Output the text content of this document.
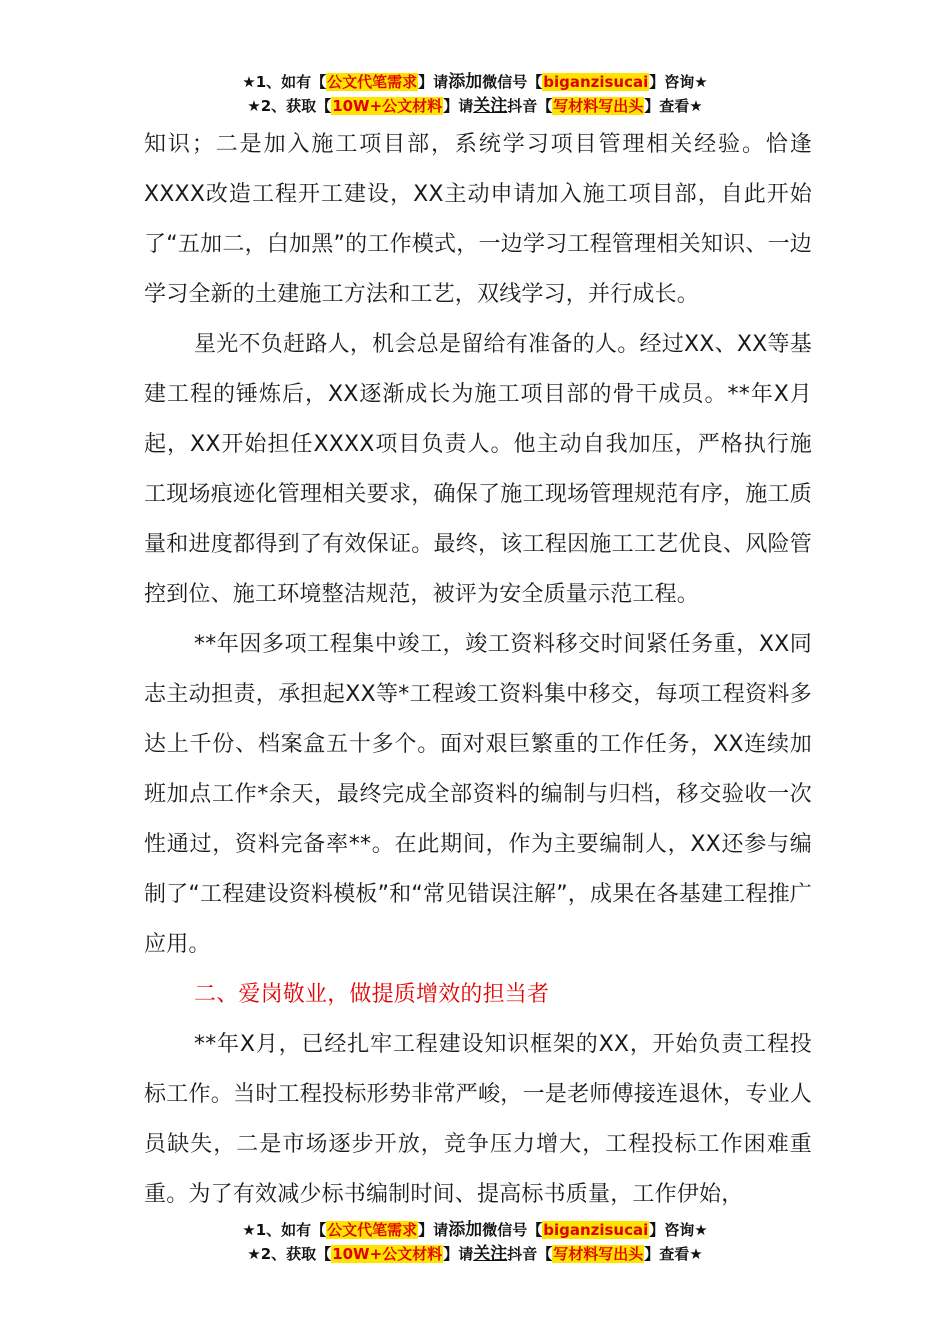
★1、如有【公文代笔需求】请添加微信号【biganzisucai】咨询★
★2、获取【10W+公文材料】请关注抖音【写材料写出头】查看★

知识；二是加入施工项目部，系统学习项目管理相关经验。恰逢XXXX改造工程开工建设，XX主动申请加入施工项目部，自此开始了“五加二，白加黑”的工作模式，一边学习工程管理相关知识、一边学习全新的土建施工方法和工艺，双线学习，并行成长。

星光不负赶路人，机会总是留给有准备的人。经过XX、XX等基建工程的锤炼后，XX逐渐成长为施工项目部的骨干成员。**年X月起，XX开始担任XXXX项目负责人。他主动自我加压，严格执行施工现场痕迹化管理相关要求，确保了施工现场管理规范有序，施工质量和进度都得到了有效保证。最终，该工程因施工工艺优良、风险管控到位、施工环境整洁规范，被评为安全质量示范工程。

**年因多项工程集中竣工，竣工资料移交时间紧任务重，XX同志主动担责，承担起XX等*工程竣工资料集中移交，每项工程资料多达上千份、档案盒五十多个。面对艰巨繁重的工作任务，XX连续加班加点工作*余天，最终完成全部资料的编制与归档，移交验收一次性通过，资料完备率**。在此期间，作为主要编制人，XX还参与编制了“工程建设资料模板”和“常见错误注解”，成果在各基建工程推广应用。

二、爱岗敬业，做提质增效的担当者

**年X月，已经扎牢工程建设知识框架的XX，开始负责工程投标工作。当时工程投标形势非常严峻，一是老师傅接连退休，专业人员缺失，二是市场逐步开放，竞争压力增大，工程投标工作困难重重。为了有效减少标书编制时间、提高标书质量，工作伊始，

★1、如有【公文代笔需求】请添加微信号【biganzisucai】咨询★
★2、获取【10W+公文材料】请关注抖音【写材料写出头】查看★
